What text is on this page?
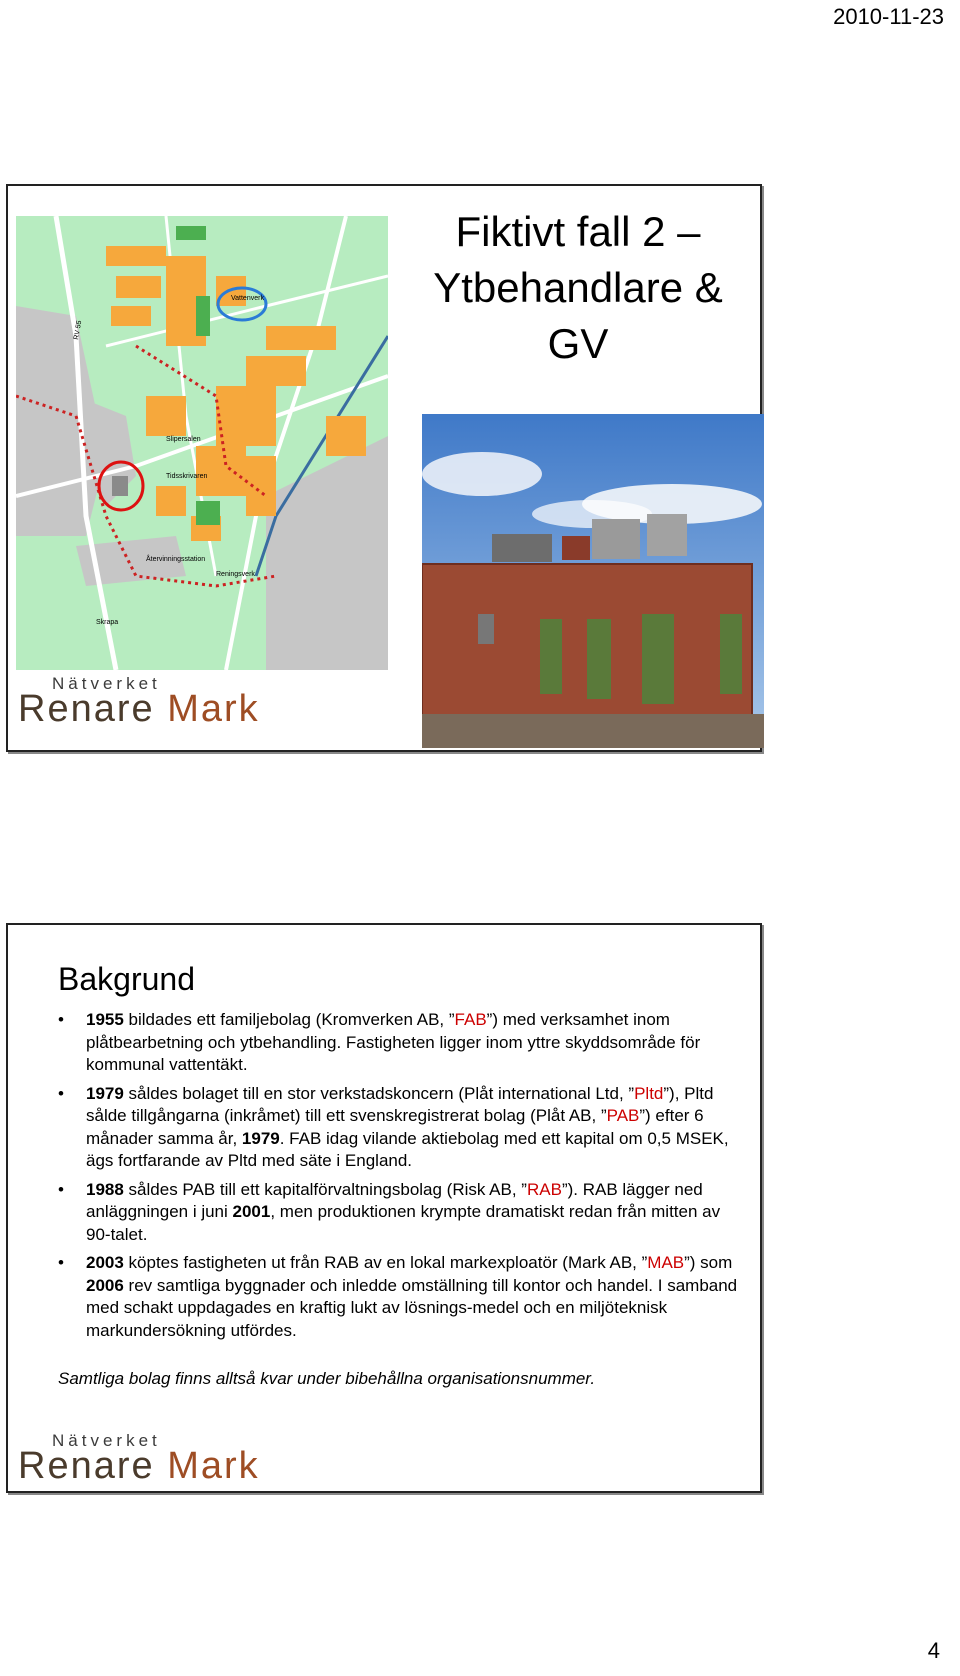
2010-11-23
Vattenverk
Slipersalen
Tidsskrivaren
Återvinningsstation
Reningsverk
Skrapa
RV 55
Fiktivt fall 2 –
Ytbehandlare &
GV
Nätverket
Renare Mark
Bakgrund
• 1955 bildades ett familjebolag (Kromverken AB, ”FAB”) med verksamhet inom plåtbearbetning och ytbehandling. Fastigheten ligger inom yttre skyddsområde för kommunal vattentäkt.
• 1979 såldes bolaget till en stor verkstadskoncern (Plåt international Ltd, ”Pltd”), Pltd sålde tillgångarna (inkråmet) till ett svenskregistrerat bolag (Plåt AB, ”PAB”) efter 6 månader samma år, 1979. FAB idag vilande aktiebolag med ett kapital om 0,5 MSEK, ägs fortfarande av Pltd med säte i England.
• 1988 såldes PAB till ett kapitalförvaltningsbolag (Risk AB, ”RAB”). RAB lägger ned anläggningen i juni 2001, men produktionen krympte dramatiskt redan från mitten av 90-talet.
• 2003 köptes fastigheten ut från RAB av en lokal markexploatör (Mark AB, ”MAB”) som 2006 rev samtliga byggnader och inledde omställning till kontor och handel. I samband med schakt uppdagades en kraftig lukt av lösnings-medel och en miljöteknisk markundersökning utfördes.
Samtliga bolag finns alltså kvar under bibehållna organisationsnummer.
Nätverket
Renare Mark
4
